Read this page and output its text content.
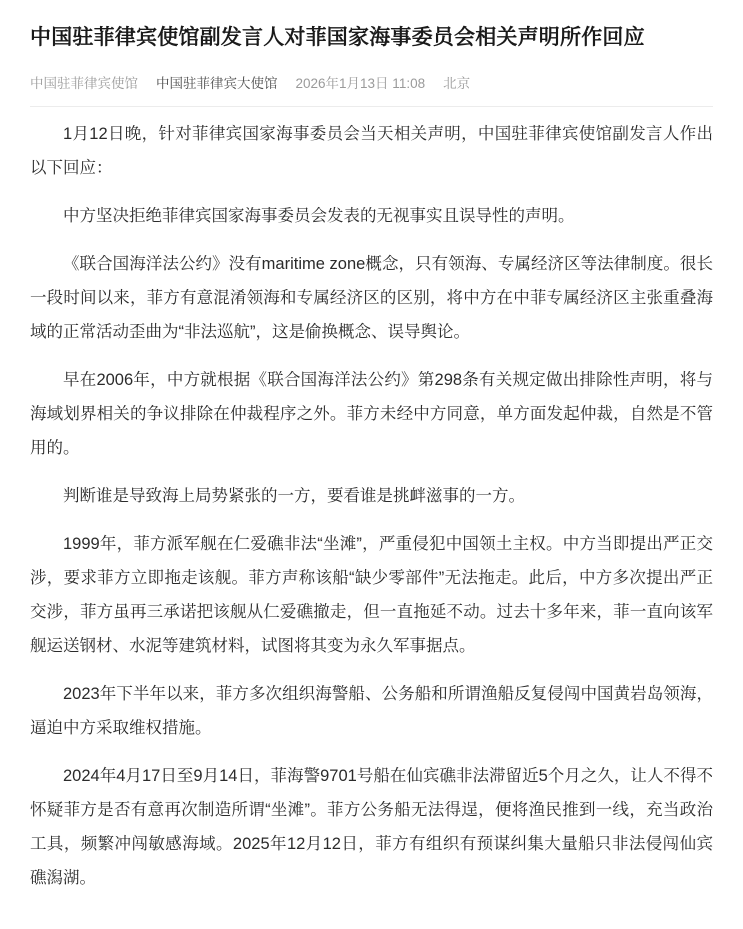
中国驻菲律宾使馆副发言人对菲国家海事委员会相关声明所作回应
中国驻菲律宾使馆 中国驻菲律宾大使馆 2026年1月13日 11:08 北京

1月12日晚，针对菲律宾国家海事委员会当天相关声明，中国驻菲律宾使馆副发言人作出以下回应：

中方坚决拒绝菲律宾国家海事委员会发表的无视事实且误导性的声明。

《联合国海洋法公约》没有maritime zone概念，只有领海、专属经济区等法律制度。很长一段时间以来，菲方有意混淆领海和专属经济区的区别，将中方在中菲专属经济区主张重叠海域的正常活动歪曲为“非法巡航”，这是偷换概念、误导舆论。

早在2006年，中方就根据《联合国海洋法公约》第298条有关规定做出排除性声明，将与海域划界相关的争议排除在仲裁程序之外。菲方未经中方同意，单方面发起仲裁，自然是不管用的。

判断谁是导致海上局势紧张的一方，要看谁是挑衅滋事的一方。

1999年，菲方派军舰在仁爱礁非法“坐滩”，严重侵犯中国领土主权。中方当即提出严正交涉，要求菲方立即拖走该舰。菲方声称该船“缺少零部件”无法拖走。此后，中方多次提出严正交涉，菲方虽再三承诺把该舰从仁爱礁撤走，但一直拖延不动。过去十多年来，菲一直向该军舰运送钢材、水泥等建筑材料，试图将其变为永久军事据点。

2023年下半年以来，菲方多次组织海警船、公务船和所谓渔船反复侵闯中国黄岩岛领海，逼迫中方采取维权措施。

2024年4月17日至9月14日，菲海警9701号船在仙宾礁非法滞留近5个月之久，让人不得不怀疑菲方是否有意再次制造所谓“坐滩”。菲方公务船无法得逞，便将渔民推到一线，充当政治工具，频繁冲闯敏感海域。2025年12月12日，菲方有组织有预谋纠集大量船只非法侵闯仙宾礁潟湖。
